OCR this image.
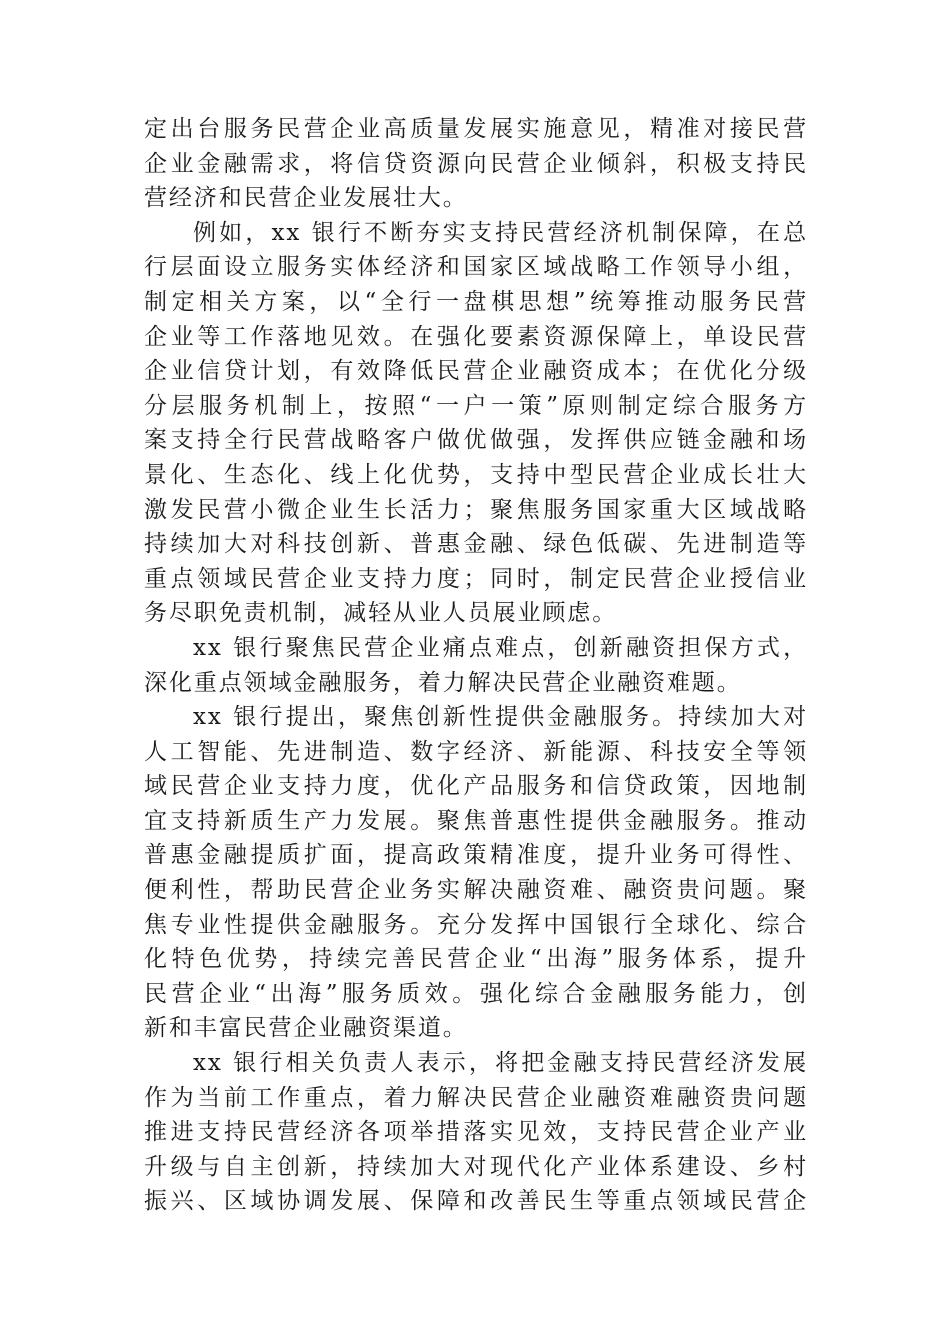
定出台服务民营企业高质量发展实施意见，精准对接民营
企业金融需求，将信贷资源向民营企业倾斜，积极支持民
营经济和民营企业发展壮大。
例如，xx 银行不断夯实支持民营经济机制保障，在总
行层面设立服务实体经济和国家区域战略工作领导小组，
制定相关方案，以“全行一盘棋思想”统筹推动服务民营
企业等工作落地见效。在强化要素资源保障上，单设民营
企业信贷计划，有效降低民营企业融资成本；在优化分级
分层服务机制上，按照“一户一策”原则制定综合服务方
案支持全行民营战略客户做优做强，发挥供应链金融和场
景化、生态化、线上化优势，支持中型民营企业成长壮大
激发民营小微企业生长活力；聚焦服务国家重大区域战略
持续加大对科技创新、普惠金融、绿色低碳、先进制造等
重点领域民营企业支持力度；同时，制定民营企业授信业
务尽职免责机制，减轻从业人员展业顾虑。
xx 银行聚焦民营企业痛点难点，创新融资担保方式，
深化重点领域金融服务，着力解决民营企业融资难题。
xx 银行提出，聚焦创新性提供金融服务。持续加大对
人工智能、先进制造、数字经济、新能源、科技安全等领
域民营企业支持力度，优化产品服务和信贷政策，因地制
宜支持新质生产力发展。聚焦普惠性提供金融服务。推动
普惠金融提质扩面，提高政策精准度，提升业务可得性、
便利性，帮助民营企业务实解决融资难、融资贵问题。聚
焦专业性提供金融服务。充分发挥中国银行全球化、综合
化特色优势，持续完善民营企业“出海”服务体系，提升
民营企业“出海”服务质效。强化综合金融服务能力，创
新和丰富民营企业融资渠道。
xx 银行相关负责人表示，将把金融支持民营经济发展
作为当前工作重点，着力解决民营企业融资难融资贵问题
推进支持民营经济各项举措落实见效，支持民营企业产业
升级与自主创新，持续加大对现代化产业体系建设、乡村
振兴、区域协调发展、保障和改善民生等重点领域民营企
